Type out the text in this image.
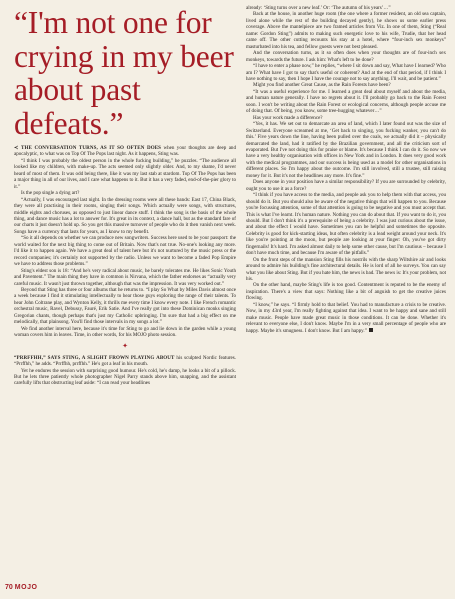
“I'm not one for crying in my beer about past defeats.”

≺ THE CONVERSATION TURNS, AS IT SO OFTEN DOES when your thoughts are deep and apocalyptic, to what was on Top Of The Pops last night. As it happens, Sting was.

“I think I was probably the oldest person in the whole fucking building,” he puzzles. “The audience all looked like my children, with make-up. The acts seemed only slightly older. And, to my shame, I'd never heard of most of them. It was odd being there, like it was my last stab at stardom. Top Of The Pops has been a major thing in all of our lives, and I care what happens to it. But it has a very faded, end-of-the-pier glory to it.”

Is the pop single a dying art?

“Actually, I was encouraged last night. In the dressing rooms were all these bands: East 17, China Black, they were all practising in their rooms, singing their songs. Which actually were songs, with structures, middle eights and choruses, as opposed to just linear dance stuff. I think the song is the basis of the whole thing, and dance music has a lot to answer for. It's great in its context, a dance hall, but as the standard fare of our charts it just doesn't hold up. So you get this massive turnover of people who do it then vanish next week. Songs have a currency that lasts for years, as I know to my benefit.

“So it all depends on whether we can produce new songwriters. Success here used to be your passport: the world waited for the next big thing to come out of Britain. Now that's not true. No-one's looking any more. I'd like it to happen again. We have a great deal of talent here but it's not nurtured by the music press or the record companies; it's certainly not supported by the radio. Unless we want to become a faded Pop Empire we have to address those problems.”

Sting's eldest son is 18: “And he's very radical about music, he barely tolerates me. He likes Sonic Youth and Pavement.” The main thing they have in common is Nirvana, which the father endorses as “actually very careful music. It wasn't just thrown together, although that was the impression. It was very worked out.”

Beyond that Sting has three or four albums that he returns to. “I play So What by Miles Davis almost once a week because I find it stimulating intellectually to hear those guys exploring the range of their talents. To hear John Coltrane play, and Wynton Kelly, it thrills me every time I know every note. I like French romantic orchestral music, Ravel, Debussy, Fauré, Erik Satie. And I've really got into these Dominican monks singing Gregorian chants, though perhaps that's just my Catholic upbringing. I'm sure that had a big effect on me melodically, that plainsong. You'll find those intervals in my songs a lot.”

We find another interval here, because it's time for Sting to go and lie down in the garden while a young woman covers him in leaves. Time, in other words, for his MOJO photo session.

✦

“PRRFFHH,” SAYS STING, A SLIGHT FROWN PLAYING ABOUT his sculpted Nordic features. “Prrffhh,” he adds. “Prrffhh, prrffhh.” He's got a leaf in his mouth.

Yet he endures the session with surprising good humour. He's cold, he's damp, he looks a bit of a pillock. But he lets three patiently whole photographer Nigel Parry stands above him, snapping, and the assistant carefully lifts that obstructing leaf aside: “I can read your headlines

already: ‘Sting turns over a new leaf.’ Or: ‘The autumn of his years’…”

Back at the house, in another huge room (the one where a former resident, an old sea captain, lived alone while the rest of the building decayed gently), he shows us some earlier press coverage. Above the mantelpiece are two framed articles from Viz. In one of them, Sting (“Real name: Gordon Sting”) admits to making such energetic love to his wife, Trudie, that her head came off. The other cutting recounts his stay at a hotel, where “four-inch sex monkeys” masturbated into his tea, and fellow guests were not best pleased.

And the conversation turns, as it so often does when your thoughts are of four-inch sex monkeys, towards the future. I ask him: What's left to be done?

“I have to enter a phase now,” he replies, “where I sit down and say, What have I learned? Who am I? What have I got to say that's useful or coherent? And at the end of that period, if I think I have nothing to say, then I hope I have the courage not to say anything. I'll wait, and be patient.”

Might you find another Great Cause, as the Rain Forests have been?

“It was a useful experience for me. I learned a great deal about myself and about the media, and human nature generally. I have no regrets about it. I'll probably go back to the Rain Forest soon. I won't be writing about the Rain Forest or ecological concerns, although people accuse me of doing that. Of being, you know, some tree-hugging whatever…”

Has your work made a difference?

“Yes, it has. We set out to demarcate an area of land, which I later found out was the size of Switzerland. Everyone screamed at me, ‘Get back to singing, you fucking wanker, you can't do this.’ Five years down the line, having been pulled over the coals, we actually did it – physically demarcated the land, had it ratified by the Brazilian government, and all the criticism sort of evaporated. But I've not doing this for praise or blame. It's because I think I can do it. So now we have a very healthy organisation with offices in New York and in London. It does very good work with the medical programmes, and our success is being used as a model for other organisations in different places. So I'm happy about the outcome. I'm still involved, still a trustee, still raising money for it. But it's not the headlines any more. It's fine.”

Does anyone in your position have a similar responsibility? If you are surrounded by celebrity, ought you to use it as a force?

“I think if you have access to the media, and people ask you to help them with that access, you should do it. But you should also be aware of the negative things that will happen to you. Because you're focussing attention, some of that attention is going to be negative and you must accept that. This is what I've learnt. It's human nature. Nothing you can do about that. If you want to do it, you should. But I don't think it's a prerequisite of being a celebrity. I was just curious about the issue, and about the effect I would have. Sometimes you can be helpful and sometimes the opposite. Celebrity is good for kick-starting ideas, but often celebrity is a lead weight around your neck. It's like you're pointing at the moon, but people are looking at your finger: Oh, you've got dirty fingernails! It's hard. I'm asked almost daily to help some other cause, but I'm cautious – because I don't have much time, and because I'm aware of the pitfalls.”

On the front steps of the mansion Sting fills his nostrils with the sharp Wiltshire air and looks around to admire his building's fine architectural details. He is lord of all he surveys. You can say what you like about Sting. But if you hate him, the news is bad. The news is: It's your problem, not his.

On the other hand, maybe Sting's life is too good. Contentment is reputed to be the enemy of inspiration. There's a view that says: Nothing like a bit of anguish to get the creative juices flowing.

“I know,” he says. “I firmly hold to that belief. You had to manufacture a crisis to be creative. Now, in my 43rd year, I'm really fighting against that idea. I want to be happy and sane and still make music. People have made great music in those conditions. It can be done. Whether it's relevant to everyone else, I don't know. Maybe I'm in a very small percentage of people who are happy. Maybe it's smugness. I don't know. But I am happy.”

70 MOJO
